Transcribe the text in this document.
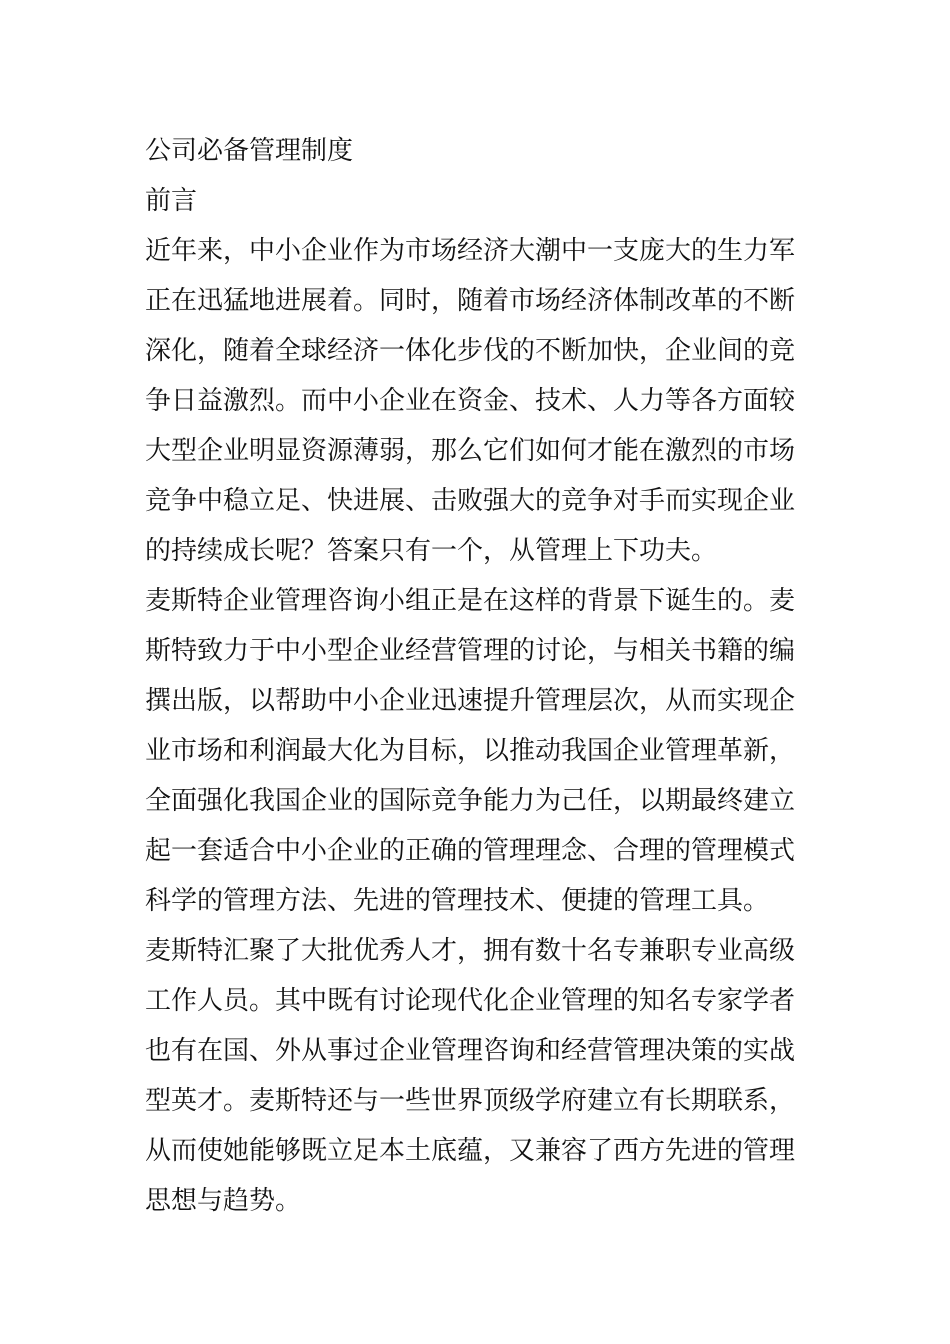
公司必备管理制度
前言
近年来，中小企业作为市场经济大潮中一支庞大的生力军
正在迅猛地进展着。同时，随着市场经济体制改革的不断
深化，随着全球经济一体化步伐的不断加快，企业间的竞
争日益激烈。而中小企业在资金、技术、人力等各方面较
大型企业明显资源薄弱，那么它们如何才能在激烈的市场
竞争中稳立足、快进展、击败强大的竞争对手而实现企业
的持续成长呢？答案只有一个，从管理上下功夫。
麦斯特企业管理咨询小组正是在这样的背景下诞生的。麦
斯特致力于中小型企业经营管理的讨论，与相关书籍的编
撰出版，以帮助中小企业迅速提升管理层次，从而实现企
业市场和利润最大化为目标，以推动我国企业管理革新，
全面强化我国企业的国际竞争能力为己任，以期最终建立
起一套适合中小企业的正确的管理理念、合理的管理模式
科学的管理方法、先进的管理技术、便捷的管理工具。
麦斯特汇聚了大批优秀人才，拥有数十名专兼职专业高级
工作人员。其中既有讨论现代化企业管理的知名专家学者
也有在国、外从事过企业管理咨询和经营管理决策的实战
型英才。麦斯特还与一些世界顶级学府建立有长期联系，
从而使她能够既立足本土底蕴，又兼容了西方先进的管理
思想与趋势。
